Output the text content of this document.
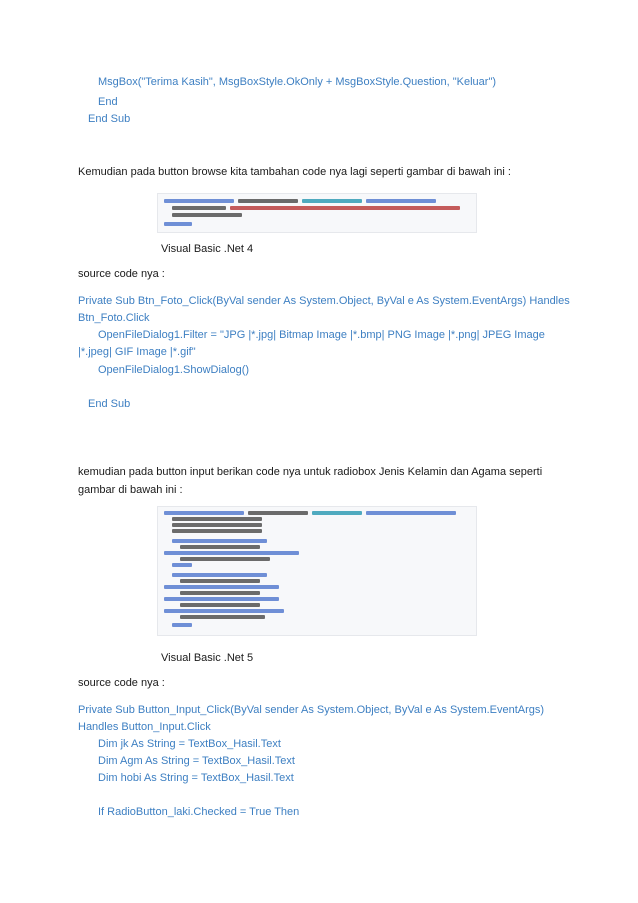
MsgBox("Terima Kasih", MsgBoxStyle.OkOnly + MsgBoxStyle.Question, "Keluar")
End
End Sub
Kemudian pada button browse kita tambahan code nya lagi seperti gambar di bawah ini :
Visual Basic .Net 4
source code nya :
Private Sub Btn_Foto_Click(ByVal sender As System.Object, ByVal e As System.EventArgs) Handles
Btn_Foto.Click
OpenFileDialog1.Filter = "JPG |*.jpg| Bitmap Image |*.bmp| PNG Image |*.png| JPEG Image
|*.jpeg| GIF Image |*.gif"
OpenFileDialog1.ShowDialog()
End Sub
kemudian pada button input berikan code nya untuk radiobox Jenis Kelamin dan Agama seperti
gambar di bawah ini :
Visual Basic .Net 5
source code nya :
Private Sub Button_Input_Click(ByVal sender As System.Object, ByVal e As System.EventArgs)
Handles Button_Input.Click
Dim jk As String = TextBox_Hasil.Text
Dim Agm As String = TextBox_Hasil.Text
Dim hobi As String = TextBox_Hasil.Text
If RadioButton_laki.Checked = True Then
